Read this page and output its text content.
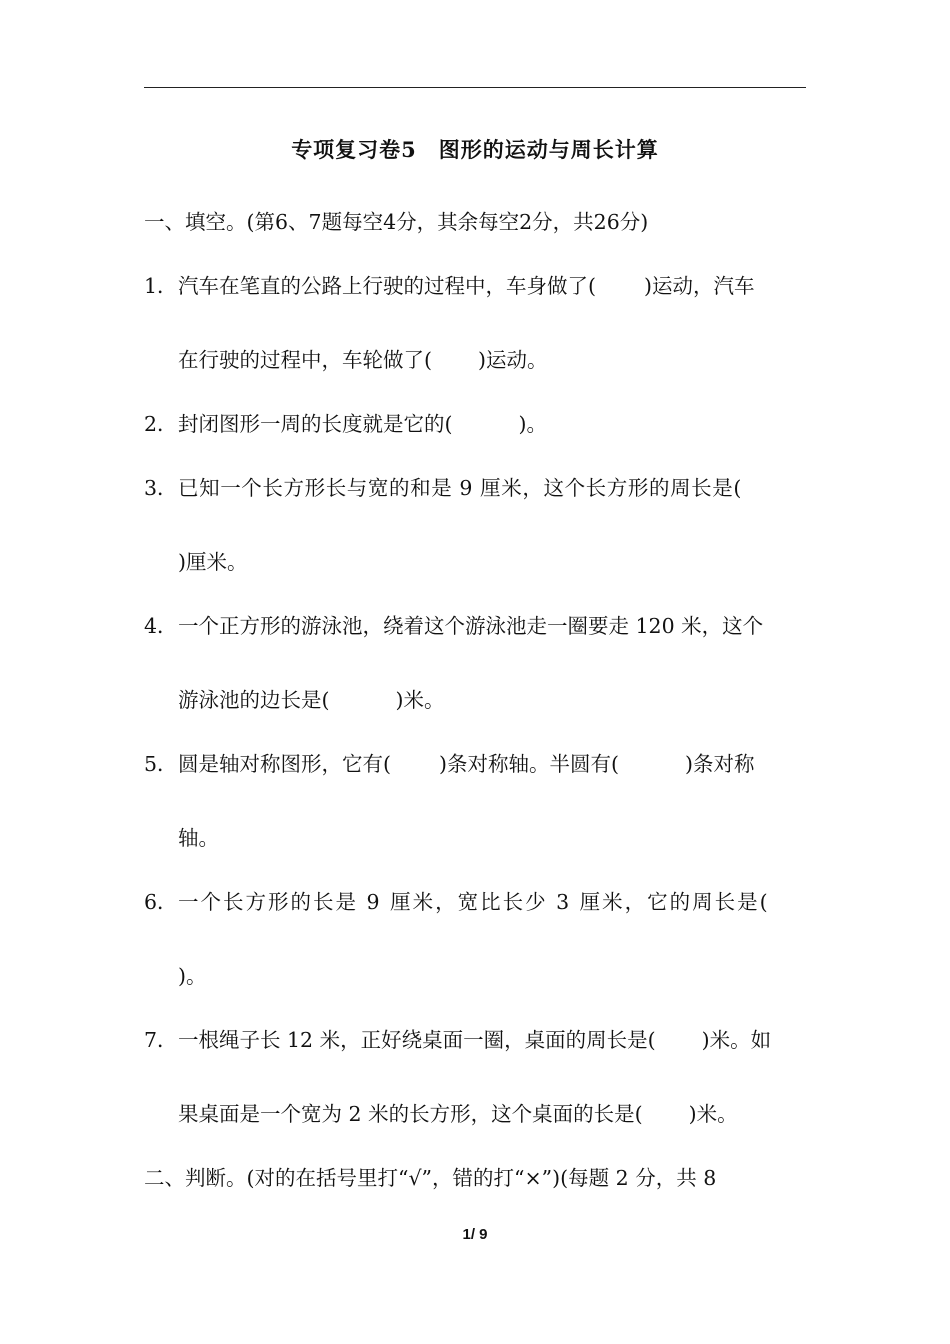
专项复习卷5　图形的运动与周长计算
一、填空。(第6、7题每空4分，其余每空2分，共26分)
1．汽车在笔直的公路上行驶的过程中，车身做了( )运动，汽车
在行驶的过程中，车轮做了( )运动。
2．封闭图形一周的长度就是它的(	)。
3．已知一个长方形长与宽的和是 9 厘米，这个长方形的周长是(
)厘米。
4．一个正方形的游泳池，绕着这个游泳池走一圈要走 120 米，这个
游泳池的边长是(	)米。
5．圆是轴对称图形，它有( )条对称轴。半圆有(	)条对称
轴。
6．一个长方形的长是 9 厘米，宽比长少 3 厘米，它的周长是(
)。
7．一根绳子长 12 米，正好绕桌面一圈，桌面的周长是( )米。如
果桌面是一个宽为 2 米的长方形，这个桌面的长是( )米。
二、判断。(对的在括号里打“√”，错的打“×”)(每题 2 分，共 8
1/ 9
